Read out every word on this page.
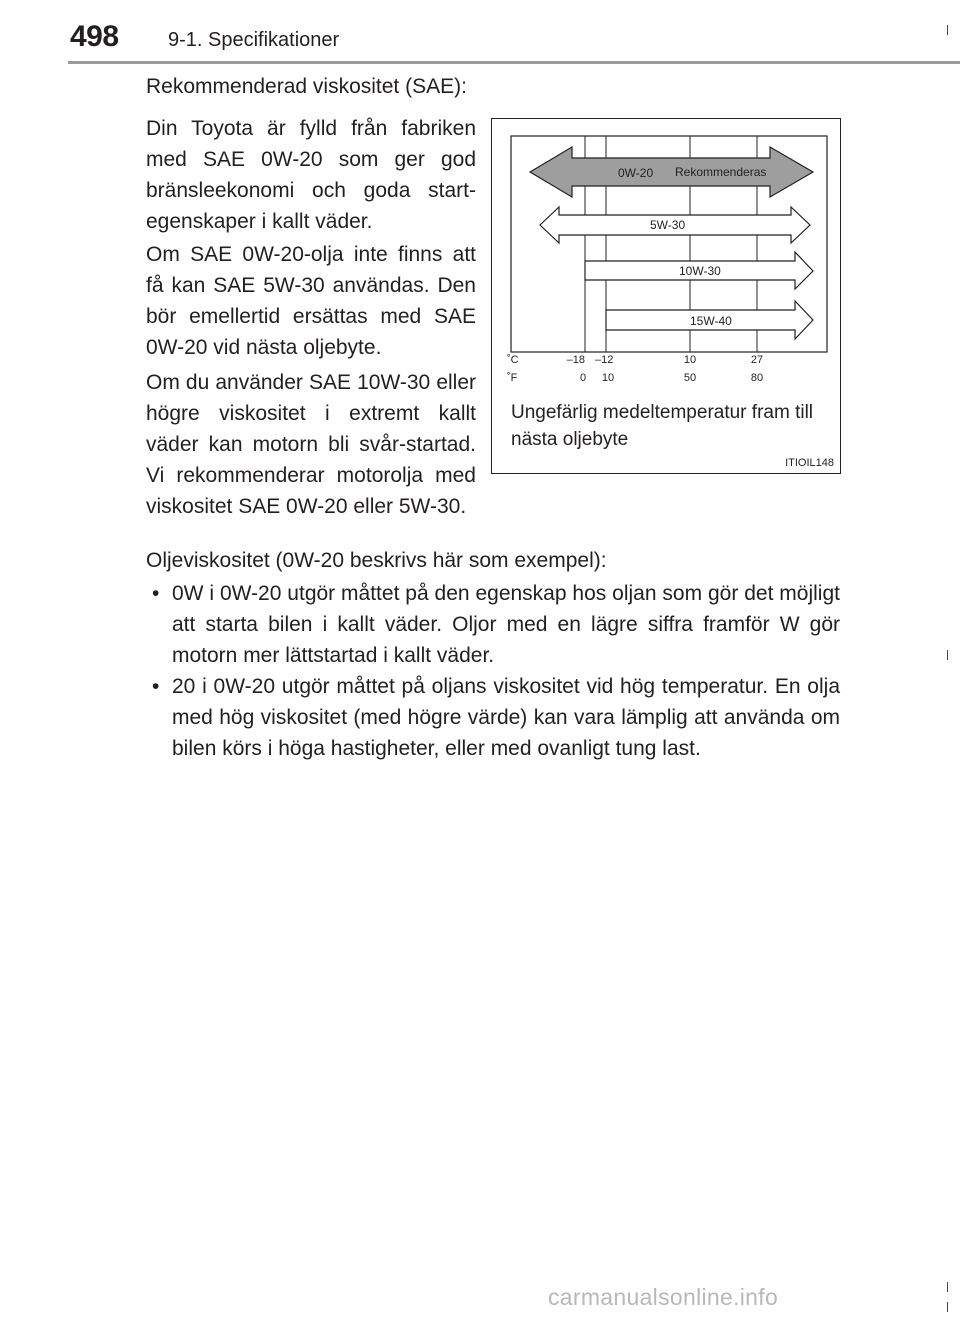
498 9-1. Specifikationer
Rekommenderad viskositet (SAE):
Din Toyota är fylld från fabriken med SAE 0W-20 som ger god bränsleekonomi och goda start-egenskaper i kallt väder.
Om SAE 0W-20-olja inte finns att få kan SAE 5W-30 användas. Den bör emellertid ersättas med SAE 0W-20 vid nästa oljebyte.
Om du använder SAE 10W-30 eller högre viskositet i extremt kallt väder kan motorn bli svår-startad. Vi rekommenderar motorolja med viskositet SAE 0W-20 eller 5W-30.
0W-20 Rekommenderas
5W-30
10W-30
15W-40
˚C
˚F
–18 –12	10	27
0 10	50	80
Ungefärlig medeltemperatur fram till nästa oljebyte
ITIOIL148
Oljeviskositet (0W-20 beskrivs här som exempel):
• 0W i 0W-20 utgör måttet på den egenskap hos oljan som gör det möjligt att starta bilen i kallt väder. Oljor med en lägre siffra framför W gör motorn mer lättstartad i kallt väder.
• 20 i 0W-20 utgör måttet på oljans viskositet vid hög temperatur. En olja med hög viskositet (med högre värde) kan vara lämplig att använda om bilen körs i höga hastigheter, eller med ovanligt tung last.
carmanualsonline.info
